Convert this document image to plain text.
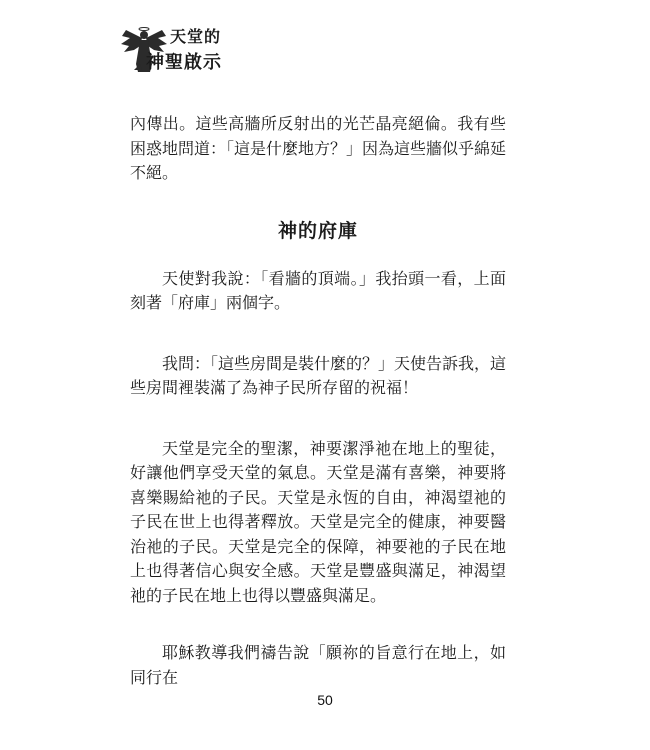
天堂的
神聖啟示

內傳出。這些高牆所反射出的光芒晶亮絕倫。我有些困惑地問道：「這是什麼地方？」因為這些牆似乎綿延不絕。

神的府庫

天使對我說：「看牆的頂端。」我抬頭一看，上面刻著「府庫」兩個字。

我問：「這些房間是裝什麼的？」天使告訴我，這些房間裡裝滿了為神子民所存留的祝福！

天堂是完全的聖潔，神要潔淨祂在地上的聖徒，好讓他們享受天堂的氣息。天堂是滿有喜樂，神要將喜樂賜給祂的子民。天堂是永恆的自由，神渴望祂的子民在世上也得著釋放。天堂是完全的健康，神要醫治祂的子民。天堂是完全的保障，神要祂的子民在地上也得著信心與安全感。天堂是豐盛與滿足，神渴望祂的子民在地上也得以豐盛與滿足。

耶穌教導我們禱告說「願祢的旨意行在地上，如同行在

50
